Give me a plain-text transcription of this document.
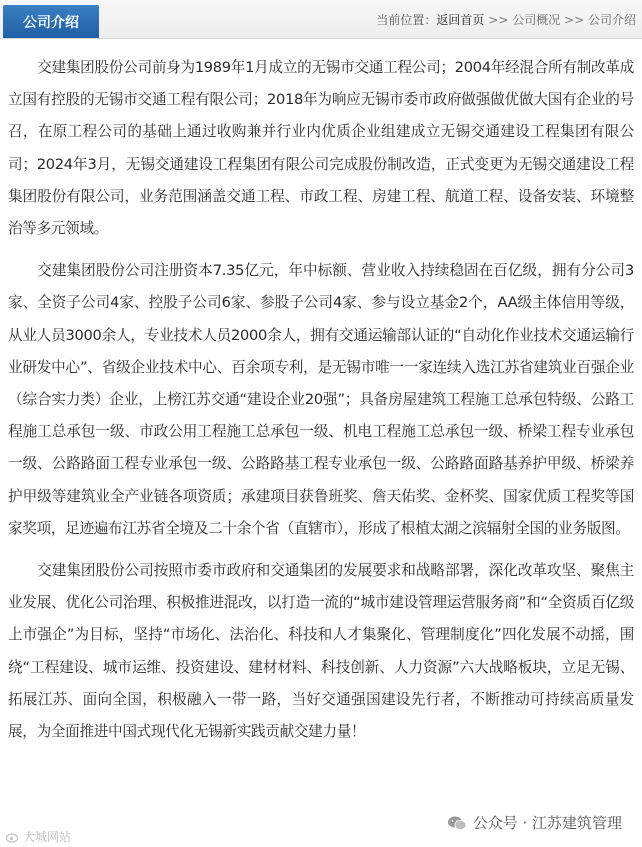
公司介绍	当前位置：返回首页 >> 公司概况 >> 公司介绍

交建集团股份公司前身为1989年1月成立的无锡市交通工程公司；2004年经混合所有制改革成立国有控股的无锡市交通工程有限公司；2018年为响应无锡市委市政府做强做优做大国有企业的号召，在原工程公司的基础上通过收购兼并行业内优质企业组建成立无锡交通建设工程集团有限公司；2024年3月，无锡交通建设工程集团有限公司完成股份制改造，正式变更为无锡交通建设工程集团股份有限公司，业务范围涵盖交通工程、市政工程、房建工程、航道工程、设备安装、环境整治等多元领域。

交建集团股份公司注册资本7.35亿元，年中标额、营业收入持续稳固在百亿级，拥有分公司3家、全资子公司4家、控股子公司6家、参股子公司4家、参与设立基金2个，AA级主体信用等级，从业人员3000余人，专业技术人员2000余人，拥有交通运输部认证的“自动化作业技术交通运输行业研发中心”、省级企业技术中心、百余项专利，是无锡市唯一一家连续入选江苏省建筑业百强企业（综合实力类）企业，上榜江苏交通“建设企业20强”；具备房屋建筑工程施工总承包特级、公路工程施工总承包一级、市政公用工程施工总承包一级、机电工程施工总承包一级、桥梁工程专业承包一级、公路路面工程专业承包一级、公路路基工程专业承包一级、公路路面路基养护甲级、桥梁养护甲级等建筑业全产业链各项资质；承建项目获鲁班奖、詹天佑奖、金杯奖、国家优质工程奖等国家奖项，足迹遍布江苏省全境及二十余个省（直辖市），形成了根植太湖之滨辐射全国的业务版图。

交建集团股份公司按照市委市政府和交通集团的发展要求和战略部署，深化改革攻坚、聚焦主业发展、优化公司治理、积极推进混改，以打造一流的“城市建设管理运营服务商”和“全资质百亿级上市强企”为目标，坚持“市场化、法治化、科技和人才集聚化、管理制度化”四化发展不动摇，围绕“工程建设、城市运维、投资建设、建材材料、科技创新、人力资源”六大战略板块，立足无锡、拓展江苏、面向全国，积极融入一带一路，当好交通强国建设先行者，不断推动可持续高质量发展，为全面推进中国式现代化无锡新实践贡献交建力量！

大城网站
公众号 · 江苏建筑管理
